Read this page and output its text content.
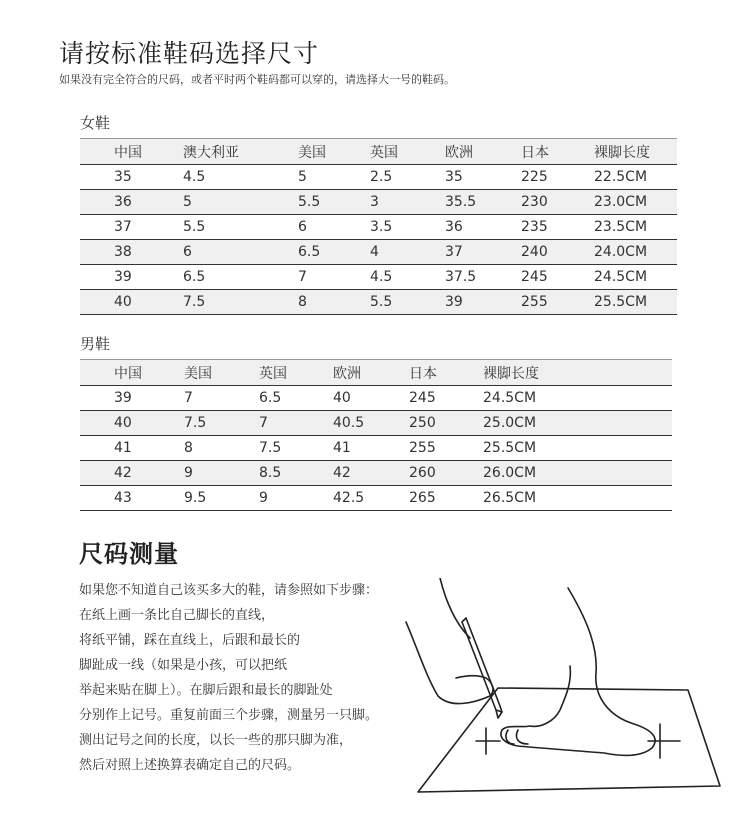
请按标准鞋码选择尺寸
如果没有完全符合的尺码，或者平时两个鞋码都可以穿的，请选择大一号的鞋码。
女鞋
中国	澳大利亚	美国	英国	欧洲	日本	裸脚长度
35	4.5	5	2.5	35	225	22.5CM
36	5	5.5	3	35.5	230	23.0CM
37	5.5	6	3.5	36	235	23.5CM
38	6	6.5	4	37	240	24.0CM
39	6.5	7	4.5	37.5	245	24.5CM
40	7.5	8	5.5	39	255	25.5CM
男鞋
中国	美国	英国	欧洲	日本	裸脚长度
39	7	6.5	40	245	24.5CM
40	7.5	7	40.5	250	25.0CM
41	8	7.5	41	255	25.5CM
42	9	8.5	42	260	26.0CM
43	9.5	9	42.5	265	26.5CM
尺码测量
如果您不知道自己该买多大的鞋，请参照如下步骤：
在纸上画一条比自己脚长的直线，
将纸平铺，踩在直线上，后跟和最长的
脚趾成一线（如果是小孩，可以把纸
举起来贴在脚上）。在脚后跟和最长的脚趾处
分别作上记号。重复前面三个步骤，测量另一只脚。
测出记号之间的长度，以长一些的那只脚为准，
然后对照上述换算表确定自己的尺码。
